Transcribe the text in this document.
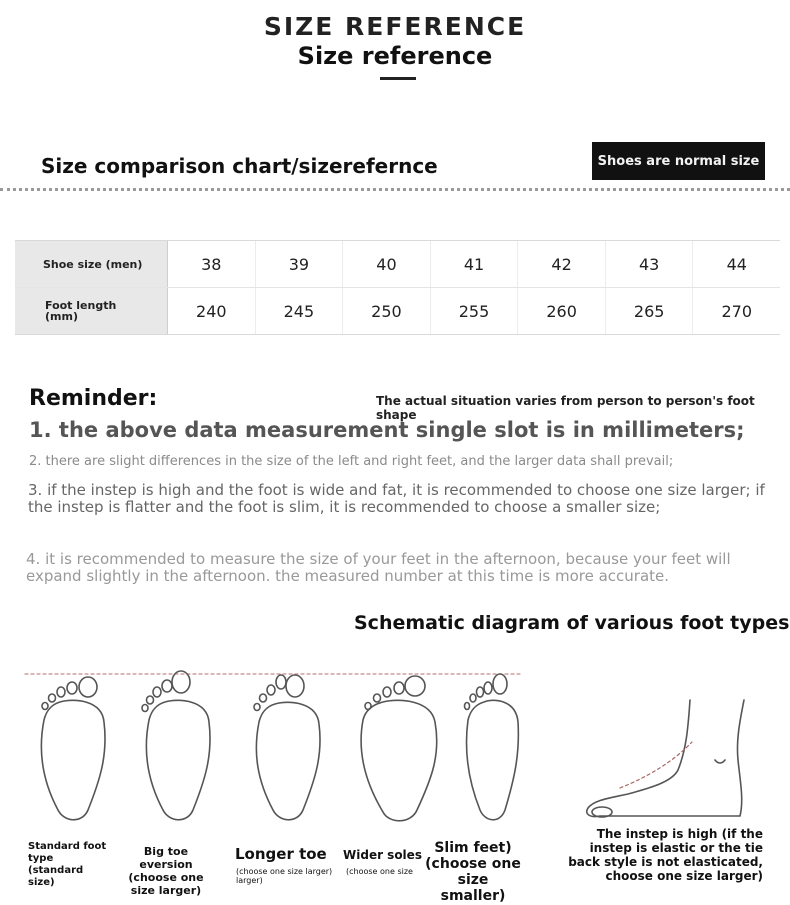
SIZE REFERENCE
Size reference
Size comparison chart/sizerefernce	Shoes are normal size
Shoe size (men)	38	39	40	41	42	43	44
Foot length
(mm)	240	245	250	255	260	265	270
Reminder:	The actual situation varies from person to person's foot shape
1. the above data measurement single slot is in millimeters;
2. there are slight differences in the size of the left and right feet, and the larger data shall prevail;
3. if the instep is high and the foot is wide and fat, it is recommended to choose one size larger; if the instep is flatter and the foot is slim, it is recommended to choose a smaller size;
4. it is recommended to measure the size of your feet in the afternoon, because your feet will expand slightly in the afternoon. the measured number at this time is more accurate.
Schematic diagram of various foot types
Standard foot type (standard size)
Big toe eversion (choose one size larger)
Longer toe
(choose one size larger) larger)
Wider soles
(choose one size
Slim feet) (choose one size smaller)
The instep is high (if the instep is elastic or the tie back style is not elasticated, choose one size larger)
